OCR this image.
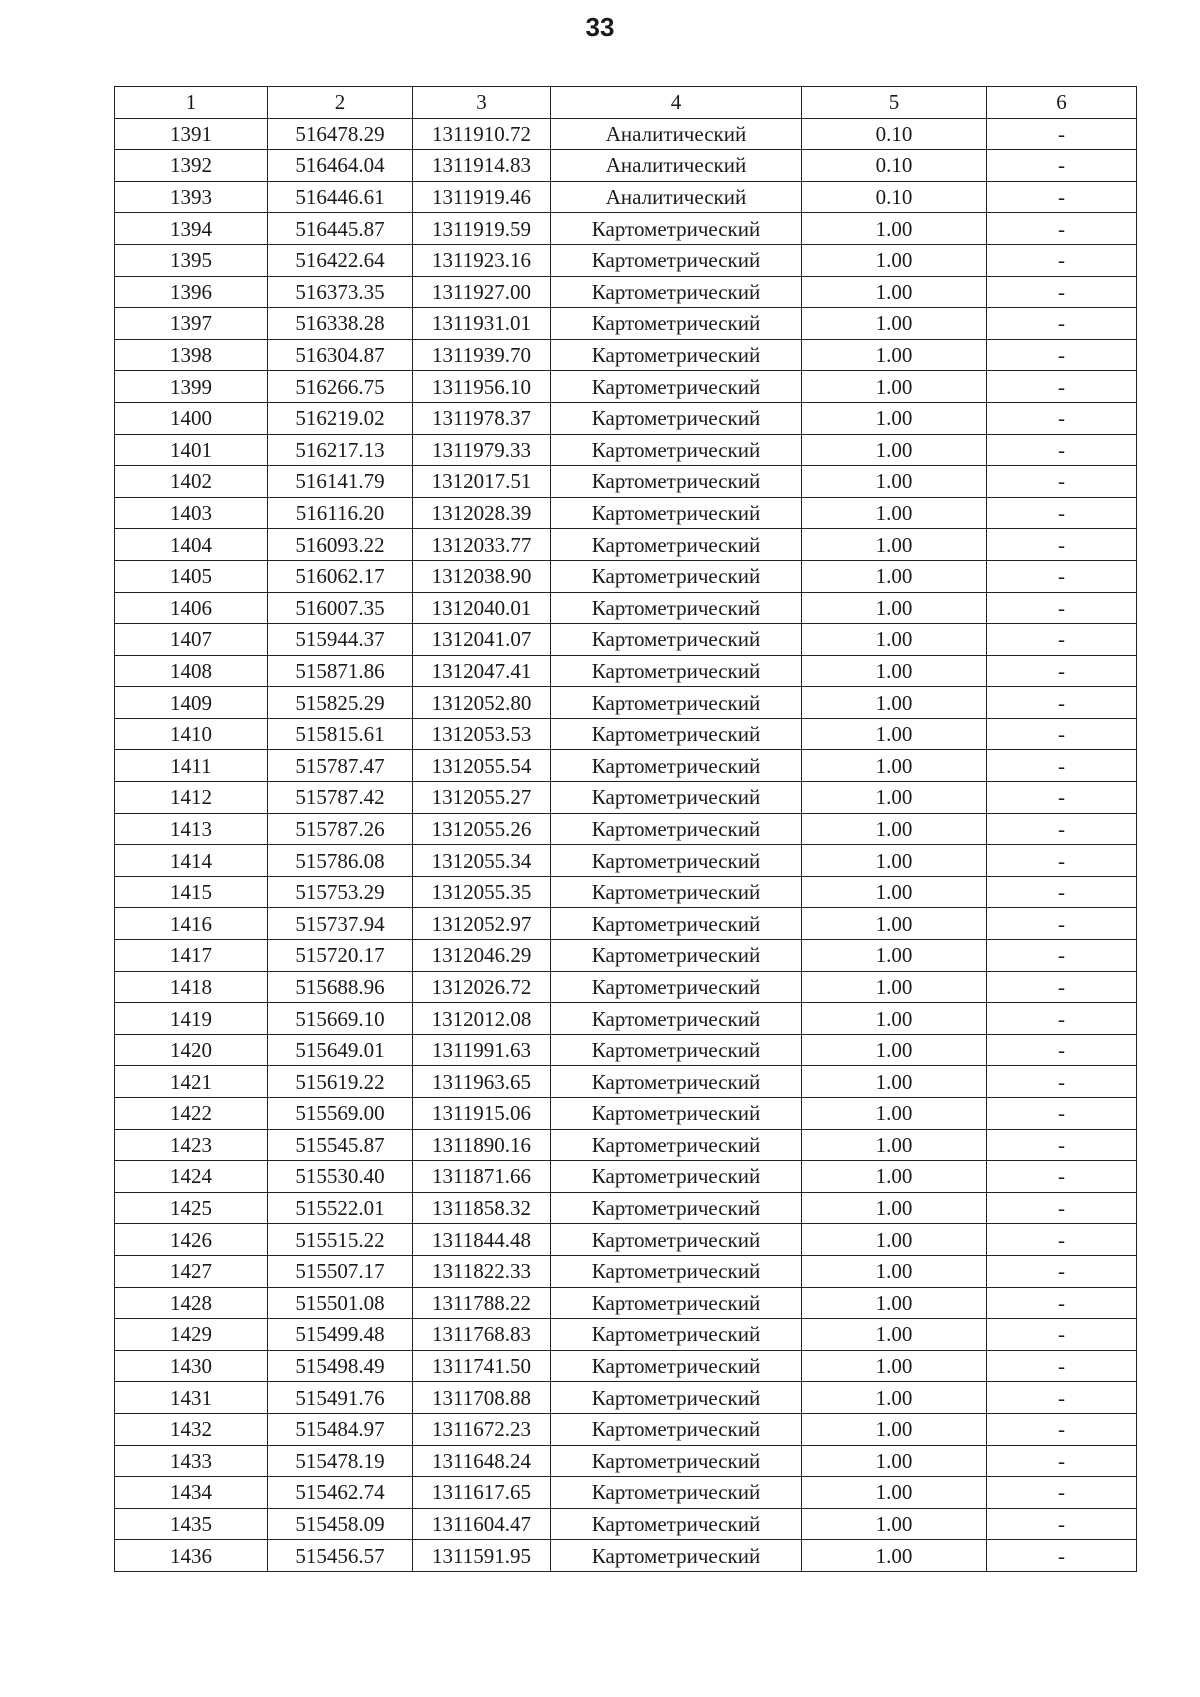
33
1	2	3	4	5	6
1391	516478.29	1311910.72	Аналитический	0.10	-
1392	516464.04	1311914.83	Аналитический	0.10	-
1393	516446.61	1311919.46	Аналитический	0.10	-
1394	516445.87	1311919.59	Картометрический	1.00	-
1395	516422.64	1311923.16	Картометрический	1.00	-
1396	516373.35	1311927.00	Картометрический	1.00	-
1397	516338.28	1311931.01	Картометрический	1.00	-
1398	516304.87	1311939.70	Картометрический	1.00	-
1399	516266.75	1311956.10	Картометрический	1.00	-
1400	516219.02	1311978.37	Картометрический	1.00	-
1401	516217.13	1311979.33	Картометрический	1.00	-
1402	516141.79	1312017.51	Картометрический	1.00	-
1403	516116.20	1312028.39	Картометрический	1.00	-
1404	516093.22	1312033.77	Картометрический	1.00	-
1405	516062.17	1312038.90	Картометрический	1.00	-
1406	516007.35	1312040.01	Картометрический	1.00	-
1407	515944.37	1312041.07	Картометрический	1.00	-
1408	515871.86	1312047.41	Картометрический	1.00	-
1409	515825.29	1312052.80	Картометрический	1.00	-
1410	515815.61	1312053.53	Картометрический	1.00	-
1411	515787.47	1312055.54	Картометрический	1.00	-
1412	515787.42	1312055.27	Картометрический	1.00	-
1413	515787.26	1312055.26	Картометрический	1.00	-
1414	515786.08	1312055.34	Картометрический	1.00	-
1415	515753.29	1312055.35	Картометрический	1.00	-
1416	515737.94	1312052.97	Картометрический	1.00	-
1417	515720.17	1312046.29	Картометрический	1.00	-
1418	515688.96	1312026.72	Картометрический	1.00	-
1419	515669.10	1312012.08	Картометрический	1.00	-
1420	515649.01	1311991.63	Картометрический	1.00	-
1421	515619.22	1311963.65	Картометрический	1.00	-
1422	515569.00	1311915.06	Картометрический	1.00	-
1423	515545.87	1311890.16	Картометрический	1.00	-
1424	515530.40	1311871.66	Картометрический	1.00	-
1425	515522.01	1311858.32	Картометрический	1.00	-
1426	515515.22	1311844.48	Картометрический	1.00	-
1427	515507.17	1311822.33	Картометрический	1.00	-
1428	515501.08	1311788.22	Картометрический	1.00	-
1429	515499.48	1311768.83	Картометрический	1.00	-
1430	515498.49	1311741.50	Картометрический	1.00	-
1431	515491.76	1311708.88	Картометрический	1.00	-
1432	515484.97	1311672.23	Картометрический	1.00	-
1433	515478.19	1311648.24	Картометрический	1.00	-
1434	515462.74	1311617.65	Картометрический	1.00	-
1435	515458.09	1311604.47	Картометрический	1.00	-
1436	515456.57	1311591.95	Картометрический	1.00	-
